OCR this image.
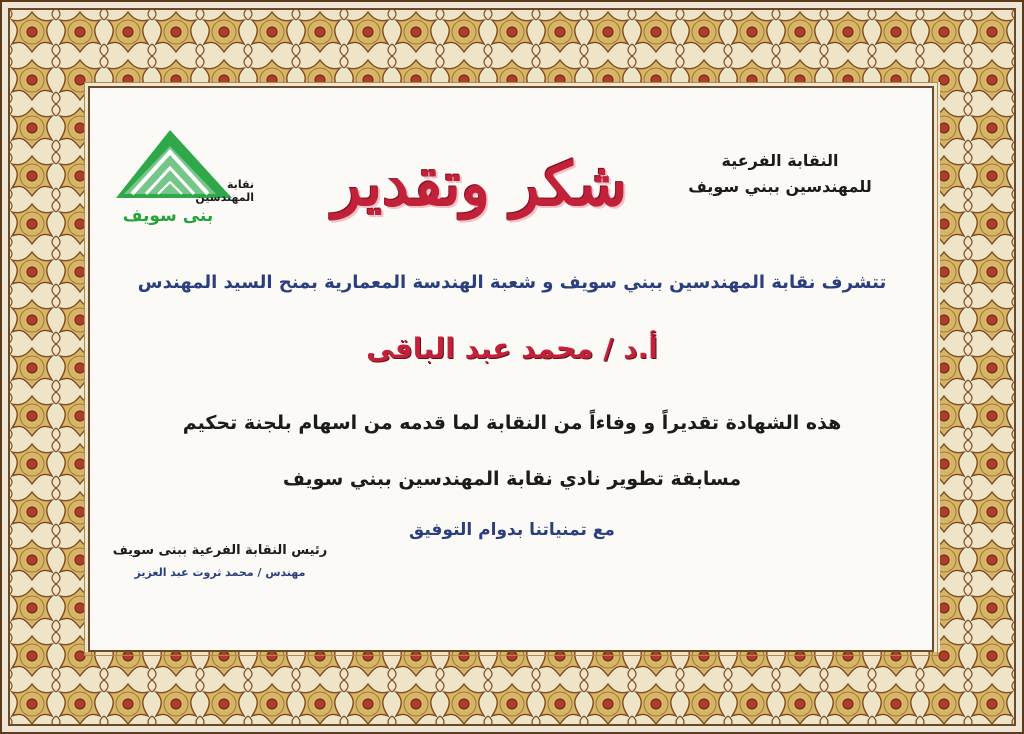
نقابة المهندسين
بنى سويف
النقابة الفرعية
للمهندسين ببني سويف
شكر وتقدير
تتشرف نقابة المهندسين ببني سويف و شعبة الهندسة المعمارية بمنح السيد المهندس
أ.د / محمد عبد الباقى
هذه الشهادة تقديراً و وفاءاً من النقابة لما قدمه من اسهام بلجنة تحكيم
مسابقة تطوير نادي نقابة المهندسين ببني سويف
مع تمنياتنا بدوام التوفيق
رئيس النقابة الفرعية ببنى سويف
مهندس / محمد ثروت عبد العزيز
